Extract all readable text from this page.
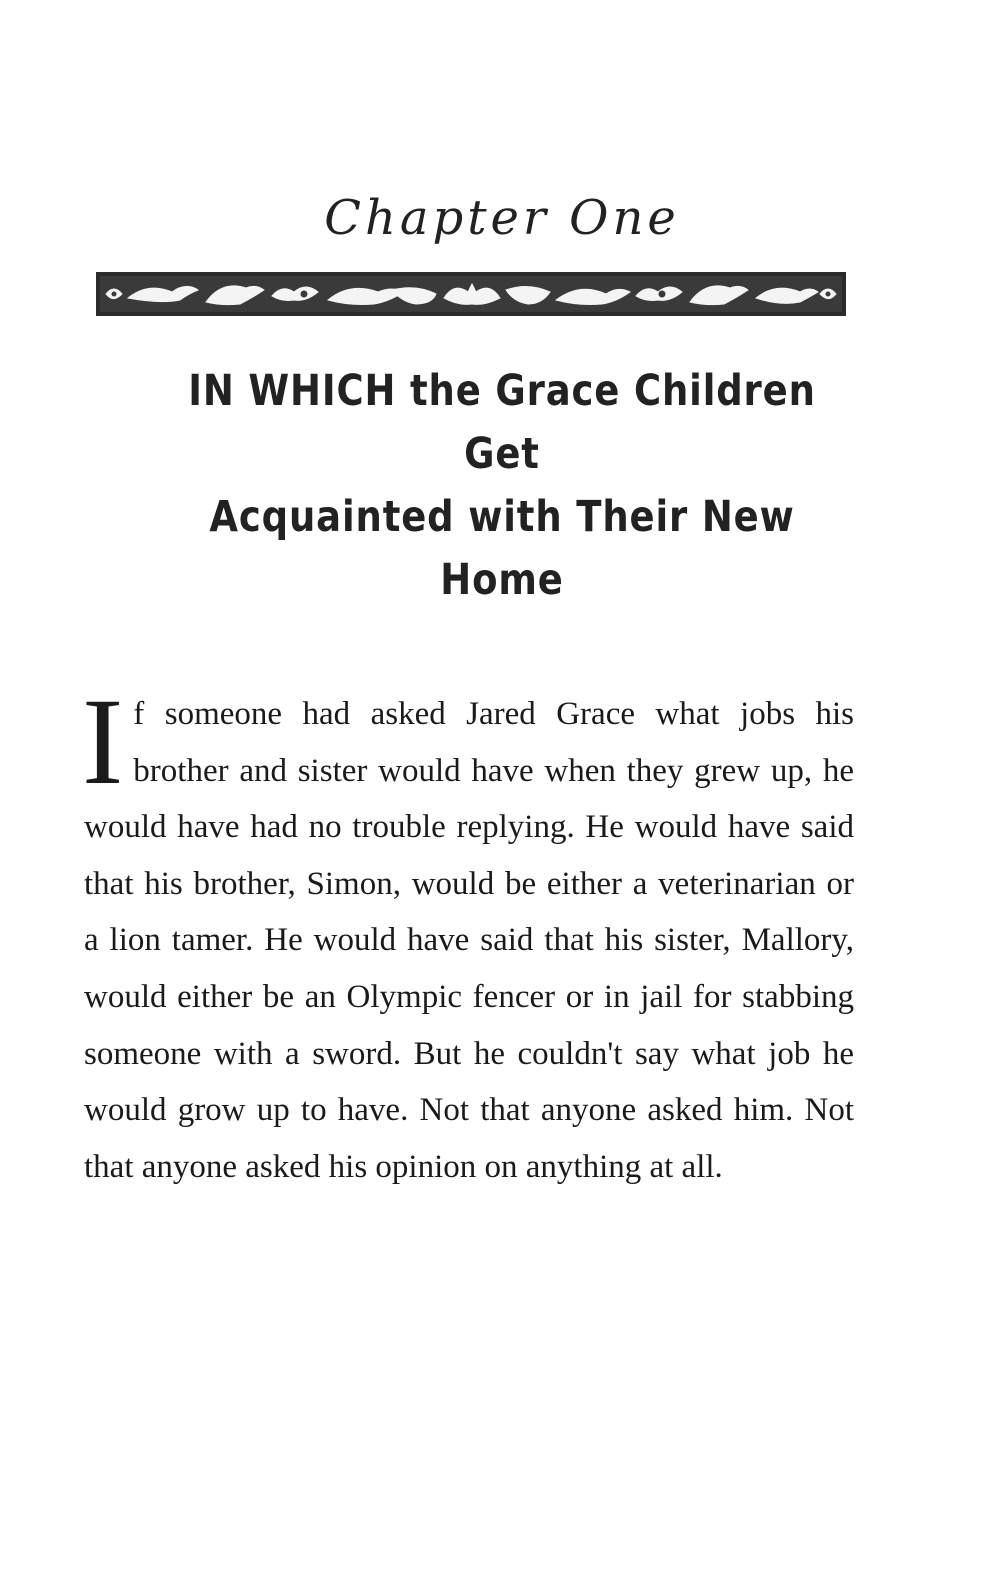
Chapter One
IN WHICH the Grace Children Get
Acquainted with Their New Home

If someone had asked Jared Grace what jobs his brother and sister would have when they grew up, he would have had no trouble replying. He would have said that his brother, Simon, would be either a veterinarian or a lion tamer. He would have said that his sister, Mallory, would either be an Olympic fencer or in jail for stabbing someone with a sword. But he couldn't say what job he would grow up to have. Not that anyone asked him. Not that anyone asked his opinion on anything at all.
